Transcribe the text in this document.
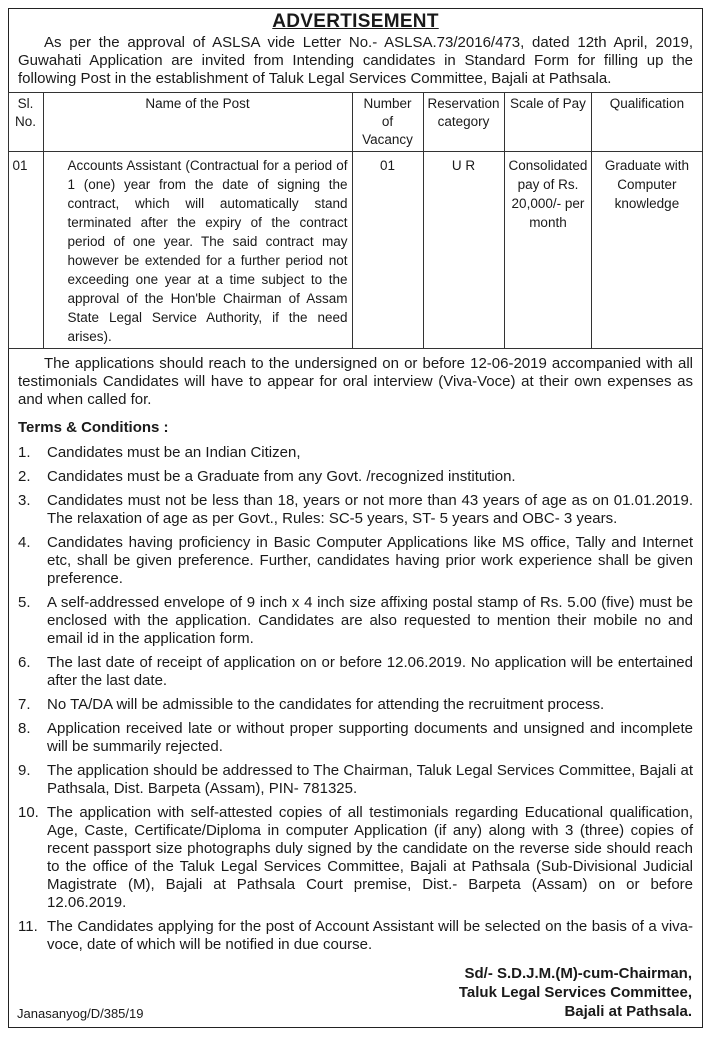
ADVERTISEMENT
As per the approval of ASLSA vide Letter No.- ASLSA.73/2016/473, dated 12th April, 2019, Guwahati Application are invited from Intending candidates in Standard Form for filling up the following Post in the establishment of Taluk Legal Services Committee, Bajali at Pathsala.
Sl. No.	Name of the Post	Number of Vacancy	Reservation category	Scale of Pay	Qualification
01	Accounts Assistant (Contractual for a period of 1 (one) year from the date of signing the contract, which will automatically stand terminated after the expiry of the contract period of one year. The said contract may however be extended for a further period not exceeding one year at a time subject to the approval of the Hon'ble Chairman of Assam State Legal Service Authority, if the need arises).	01	U R	Consolidated pay of Rs. 20,000/- per month	Graduate with Computer knowledge
The applications should reach to the undersigned on or before 12-06-2019 accompanied with all testimonials Candidates will have to appear for oral interview (Viva-Voce) at their own expenses as and when called for.
Terms & Conditions :
1.	Candidates must be an Indian Citizen,
2.	Candidates must be a Graduate from any Govt. /recognized institution.
3.	Candidates must not be less than 18, years or not more than 43 years of age as on 01.01.2019. The relaxation of age as per Govt., Rules: SC-5 years, ST- 5 years and OBC- 3 years.
4.	Candidates having proficiency in Basic Computer Applications like MS office, Tally and Internet etc, shall be given preference. Further, candidates having prior work experience shall be given preference.
5.	A self-addressed envelope of 9 inch x 4 inch size affixing postal stamp of Rs. 5.00 (five) must be enclosed with the application. Candidates are also requested to mention their mobile no and email id in the application form.
6.	The last date of receipt of application on or before 12.06.2019. No application will be entertained after the last date.
7.	No TA/DA will be admissible to the candidates for attending the recruitment process.
8.	Application received late or without proper supporting documents and unsigned and incomplete will be summarily rejected.
9.	The application should be addressed to The Chairman, Taluk Legal Services Committee, Bajali at Pathsala, Dist. Barpeta (Assam), PIN- 781325.
10. The application with self-attested copies of all testimonials regarding Educational qualification, Age, Caste, Certificate/Diploma in computer Application (if any) along with 3 (three) copies of recent passport size photographs duly signed by the candidate on the reverse side should reach to the office of the Taluk Legal Services Committee, Bajali at Pathsala (Sub-Divisional Judicial Magistrate (M), Bajali at Pathsala Court premise, Dist.- Barpeta (Assam) on or before 12.06.2019.
11. The Candidates applying for the post of Account Assistant will be selected on the basis of a viva- voce, date of which will be notified in due course.
Janasanyog/D/385/19
Sd/- S.D.J.M.(M)-cum-Chairman,
Taluk Legal Services Committee,
Bajali at Pathsala.
